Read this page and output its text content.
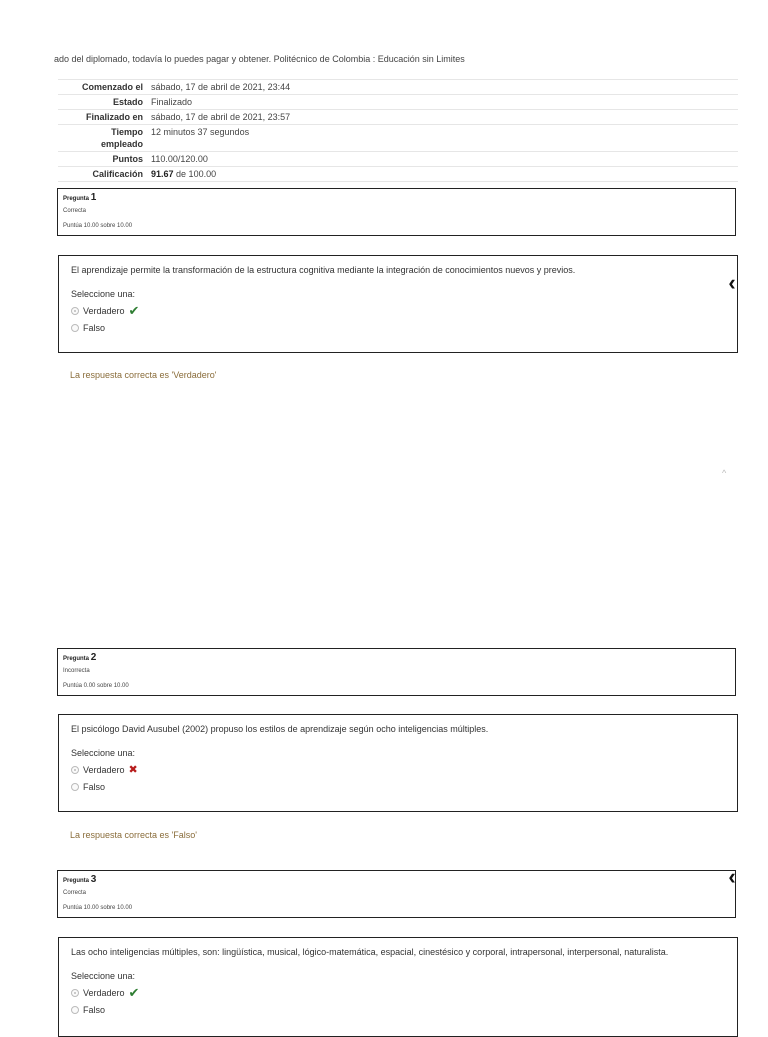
ado del diplomado, todavía lo puedes pagar y obtener. Politécnico de Colombia : Educación sin Limites
Comenzado el sábado, 17 de abril de 2021, 23:44
Estado Finalizado
Finalizado en sábado, 17 de abril de 2021, 23:57
Tiempo
empleado
12 minutos 37 segundos
Puntos 110.00/120.00
Calificación 91.67 de 100.00
Pregunta 1
Correcta
Puntúa 10.00 sobre 10.00
El aprendizaje permite la transformación de la estructura cognitiva mediante la integración de conocimientos nuevos y previos.
Seleccione una:
Verdadero ✔
Falso
La respuesta correcta es 'Verdadero'
‹
^
Pregunta 2
Incorrecta
Puntúa 0.00 sobre 10.00
El psicólogo David Ausubel (2002) propuso los estilos de aprendizaje según ocho inteligencias múltiples.
Seleccione una:
Verdadero ✖
Falso
La respuesta correcta es 'Falso'
Pregunta 3
Correcta
Puntúa 10.00 sobre 10.00
‹
Las ocho inteligencias múltiples, son: lingüística, musical, lógico-matemática, espacial, cinestésico y corporal, intrapersonal, interpersonal, naturalista.
Seleccione una:
Verdadero ✔
Falso
